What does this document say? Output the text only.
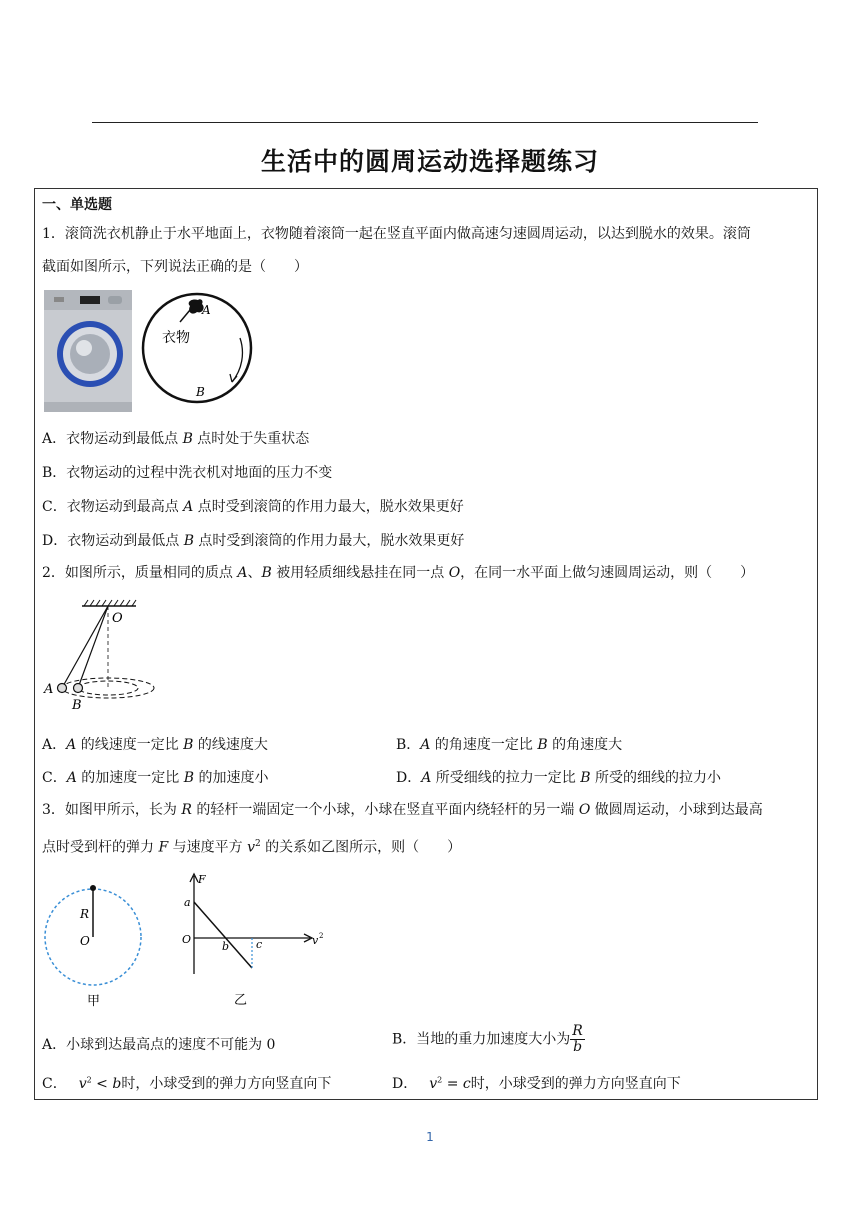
生活中的圆周运动选择题练习
一、单选题
1．滚筒洗衣机静止于水平地面上，衣物随着滚筒一起在竖直平面内做高速匀速圆周运动，以达到脱水的效果。滚筒
截面如图所示，下列说法正确的是（　　）
A
衣物
B
A．衣物运动到最低点 B 点时处于失重状态
B．衣物运动的过程中洗衣机对地面的压力不变
C．衣物运动到最高点 A 点时受到滚筒的作用力最大，脱水效果更好
D．衣物运动到最低点 B 点时受到滚筒的作用力最大，脱水效果更好
2．如图所示，质量相同的质点 A、B 被用轻质细线悬挂在同一点 O，在同一水平面上做匀速圆周运动，则（　　）
O
A
B
A．A 的线速度一定比 B 的线速度大	B．A 的角速度一定比 B 的角速度大
C．A 的加速度一定比 B 的加速度小	D．A 所受细线的拉力一定比 B 所受的细线的拉力小
3．如图甲所示，长为 R 的轻杆一端固定一个小球，小球在竖直平面内绕轻杆的另一端 O 做圆周运动，小球到达最高
点时受到杆的弹力 F 与速度平方 $v^2$ 的关系如乙图所示，则（　　）
R
O
甲
F
a
O
b c	v 2
乙
A．小球到达最高点的速度不可能为 0	B．当地的重力加速度大小为 $\frac{R}{b}$
C． $v^2 < b$时，小球受到的弹力方向竖直向下	D． $v^2 = c$时，小球受到的弹力方向竖直向下
1
